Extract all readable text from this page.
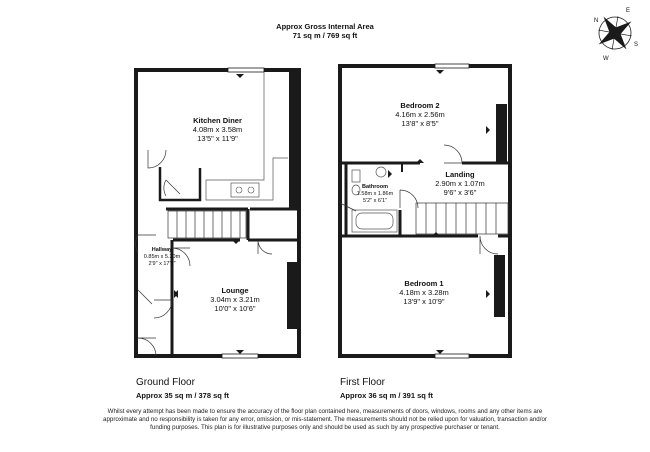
N
E
S
W
Approx Gross Internal Area
71 sq m / 769 sq ft
Kitchen Diner
4.08m x 3.58m
13'5" x 11'9"
Hallway
0.85m x 5.30m
2'9" x 17'5"
Lounge
3.04m x 3.21m
10'0" x 10'6"
Bedroom 2
4.16m x 2.56m
13'8" x 8'5"
Bathroom
1.58m x 1.86m
5'2" x 6'1"
Landing
2.90m x 1.07m
9'6" x 3'6"
Bedroom 1
4.18m x 3.28m
13'9" x 10'9"
Ground Floor
Approx 35 sq m / 378 sq ft
First Floor
Approx 36 sq m / 391 sq ft
Whilst every attempt has been made to ensure the accuracy of the floor plan contained here, measurements of doors, windows, rooms and any other items are approximate and no responsibility is taken for any error, omission, or mis-statement. The measurements should not be relied upon for valuation, transaction and/or funding purposes. This plan is for illustrative purposes only and should be used as such by any prospective purchaser or tenant.
